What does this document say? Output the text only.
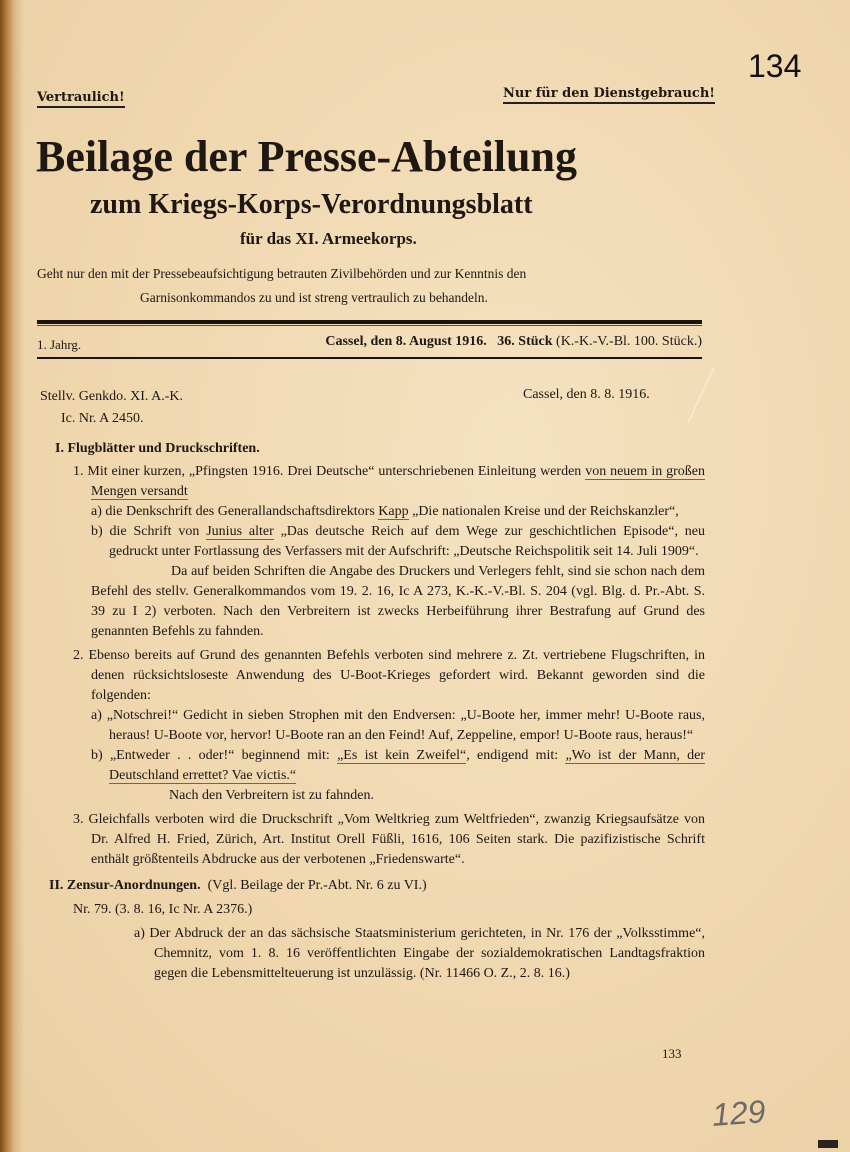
134
Vertraulich!	Nur für den Dienstgebrauch!
Beilage der Presse-Abteilung
zum Kriegs-Korps-Verordnungsblatt
für das XI. Armeekorps.
Geht nur den mit der Pressebeaufsichtigung betrauten Zivilbehörden und zur Kenntnis den
Garnisonkommandos zu und ist streng vertraulich zu behandeln.
1. Jahrg.	Cassel, den 8. August 1916. 36. Stück (K.-K.-V.-Bl. 100. Stück.)
Stellv. Genkdo. XI. A.-K.
Ic. Nr. A 2450.
Cassel, den 8. 8. 1916.
I. Flugblätter und Druckschriften.
1. Mit einer kurzen, „Pfingsten 1916. Drei Deutsche“ unterschriebenen Einleitung werden von neuem in großen Mengen versandt
a) die Denkschrift des Generallandschaftsdirektors Kapp „Die nationalen Kreise und der Reichskanzler“,
b) die Schrift von Junius alter „Das deutsche Reich auf dem Wege zur geschichtlichen Episode“, neu gedruckt unter Fortlassung des Verfassers mit der Aufschrift: „Deutsche Reichspolitik seit 14. Juli 1909“.
Da auf beiden Schriften die Angabe des Druckers und Verlegers fehlt, sind sie schon nach dem Befehl des stellv. Generalkommandos vom 19. 2. 16, Ic A 273, K.-K.-V.-Bl. S. 204 (vgl. Blg. d. Pr.-Abt. S. 39 zu I 2) verboten. Nach den Verbreitern ist zwecks Herbeiführung ihrer Bestrafung auf Grund des genannten Befehls zu fahnden.
2. Ebenso bereits auf Grund des genannten Befehls verboten sind mehrere z. Zt. vertriebene Flugschriften, in denen rücksichtsloseste Anwendung des U-Boot-Krieges gefordert wird. Bekannt geworden sind die folgenden:
a) „Notschrei!“ Gedicht in sieben Strophen mit den Endversen: „U-Boote her, immer mehr! U-Boote raus, heraus! U-Boote vor, hervor! U-Boote ran an den Feind! Auf, Zeppeline, empor! U-Boote raus, heraus!“
b) „Entweder . . oder!“ beginnend mit: „Es ist kein Zweifel“, endigend mit: „Wo ist der Mann, der Deutschland errettet? Vae victis.“
Nach den Verbreitern ist zu fahnden.
3. Gleichfalls verboten wird die Druckschrift „Vom Weltkrieg zum Weltfrieden“, zwanzig Kriegsaufsätze von Dr. Alfred H. Fried, Zürich, Art. Institut Orell Füßli, 1616, 106 Seiten stark. Die pazifizistische Schrift enthält größtenteils Abdrucke aus der verbotenen „Friedenswarte“.
II. Zensur-Anordnungen. (Vgl. Beilage der Pr.-Abt. Nr. 6 zu VI.)
Nr. 79. (3. 8. 16, Ic Nr. A 2376.)
a) Der Abdruck der an das sächsische Staatsministerium gerichteten, in Nr. 176 der „Volksstimme“, Chemnitz, vom 1. 8. 16 veröffentlichten Eingabe der sozialdemokratischen Landtagsfraktion gegen die Lebensmittelteuerung ist unzulässig. (Nr. 11466 O. Z., 2. 8. 16.)
133
129
